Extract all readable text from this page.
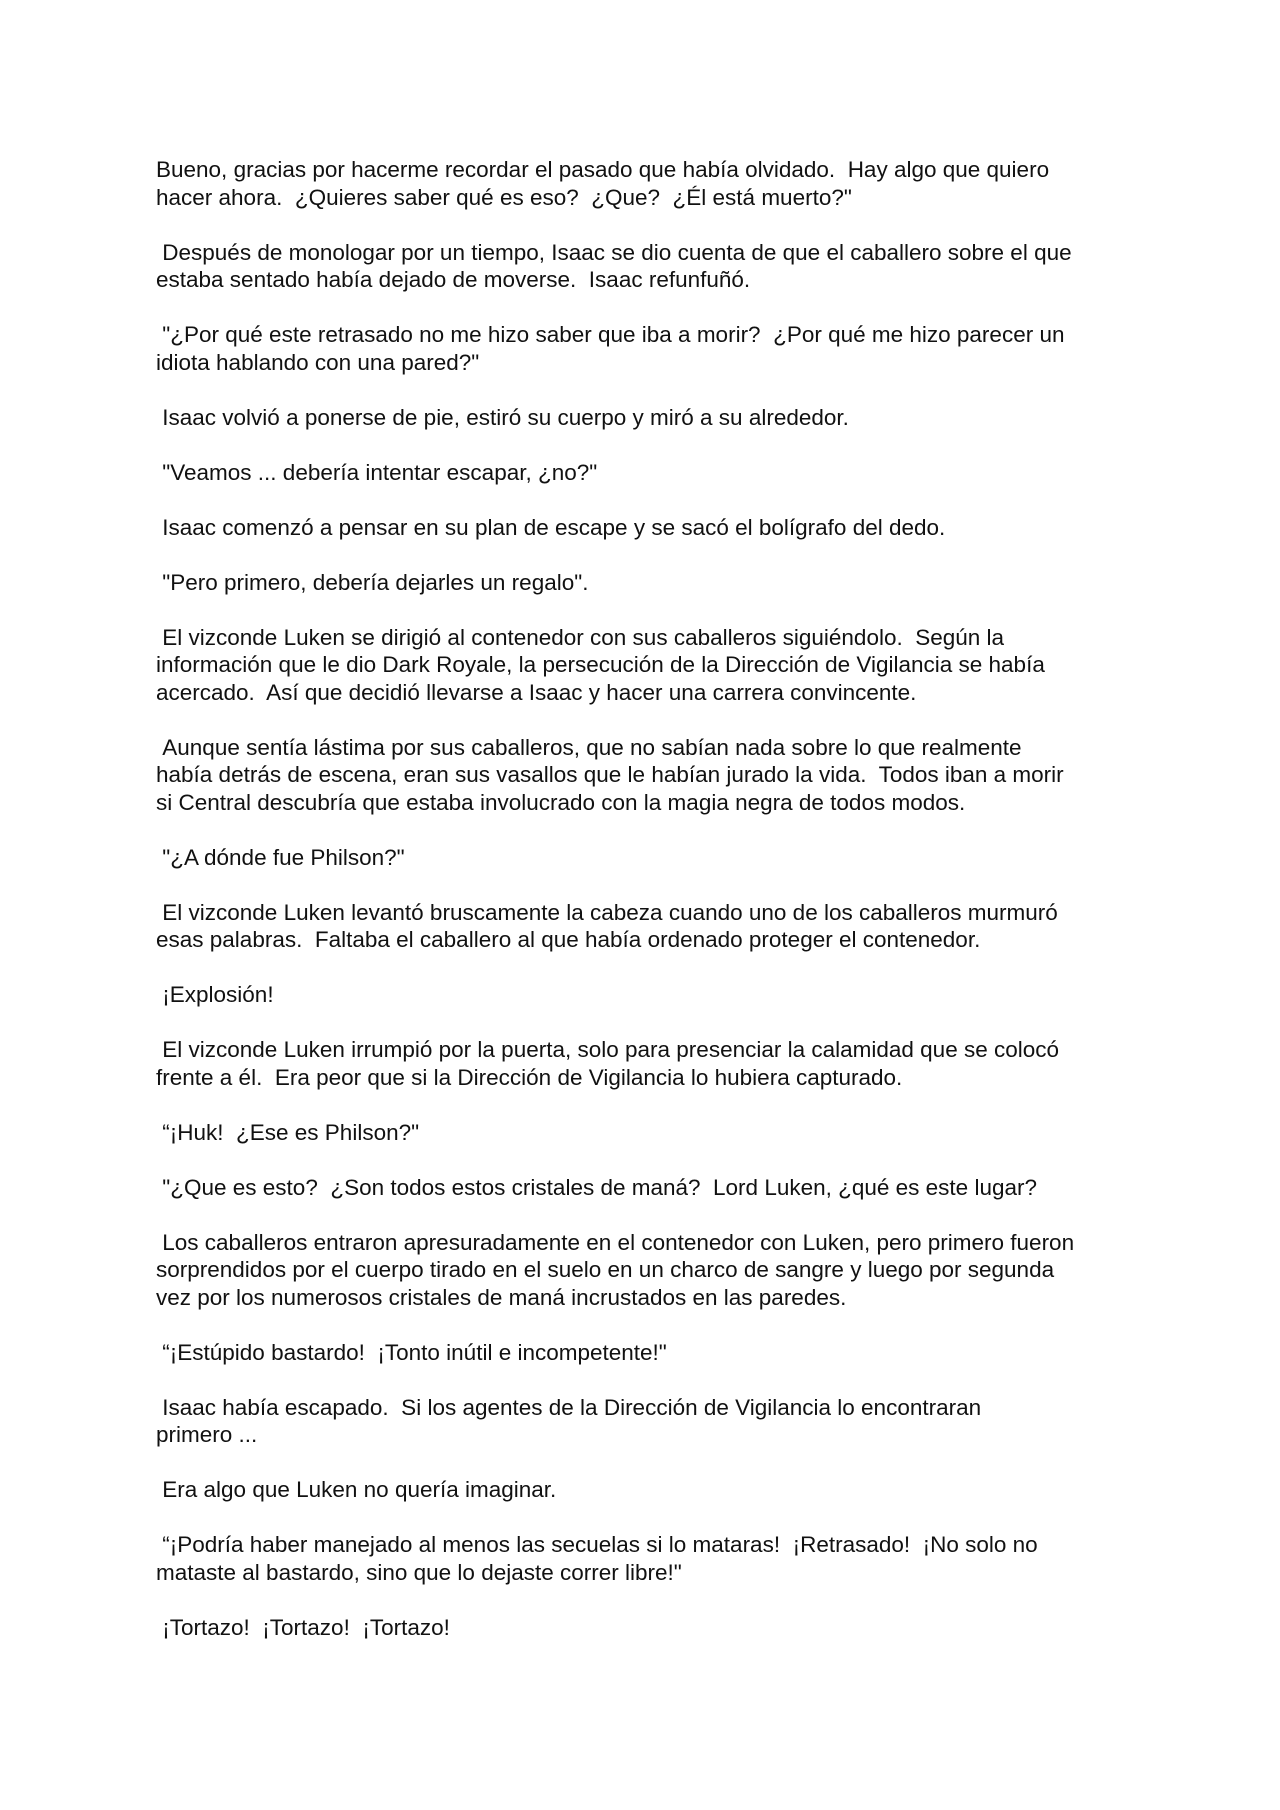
Bueno, gracias por hacerme recordar el pasado que había olvidado.  Hay algo que quiero
hacer ahora.  ¿Quieres saber qué es eso?  ¿Que?  ¿Él está muerto?"

Después de monologar por un tiempo, Isaac se dio cuenta de que el caballero sobre el que
estaba sentado había dejado de moverse.  Isaac refunfuñó.

"¿Por qué este retrasado no me hizo saber que iba a morir?  ¿Por qué me hizo parecer un
idiota hablando con una pared?"

Isaac volvió a ponerse de pie, estiró su cuerpo y miró a su alrededor.

"Veamos ... debería intentar escapar, ¿no?"

Isaac comenzó a pensar en su plan de escape y se sacó el bolígrafo del dedo.

"Pero primero, debería dejarles un regalo".

El vizconde Luken se dirigió al contenedor con sus caballeros siguiéndolo.  Según la
información que le dio Dark Royale, la persecución de la Dirección de Vigilancia se había
acercado.  Así que decidió llevarse a Isaac y hacer una carrera convincente.

Aunque sentía lástima por sus caballeros, que no sabían nada sobre lo que realmente
había detrás de escena, eran sus vasallos que le habían jurado la vida.  Todos iban a morir
si Central descubría que estaba involucrado con la magia negra de todos modos.

"¿A dónde fue Philson?"

El vizconde Luken levantó bruscamente la cabeza cuando uno de los caballeros murmuró
esas palabras.  Faltaba el caballero al que había ordenado proteger el contenedor.

¡Explosión!

El vizconde Luken irrumpió por la puerta, solo para presenciar la calamidad que se colocó
frente a él.  Era peor que si la Dirección de Vigilancia lo hubiera capturado.

“¡Huk!  ¿Ese es Philson?"

"¿Que es esto?  ¿Son todos estos cristales de maná?  Lord Luken, ¿qué es este lugar?

Los caballeros entraron apresuradamente en el contenedor con Luken, pero primero fueron
sorprendidos por el cuerpo tirado en el suelo en un charco de sangre y luego por segunda
vez por los numerosos cristales de maná incrustados en las paredes.

“¡Estúpido bastardo!  ¡Tonto inútil e incompetente!"

Isaac había escapado.  Si los agentes de la Dirección de Vigilancia lo encontraran
primero ...

Era algo que Luken no quería imaginar.

“¡Podría haber manejado al menos las secuelas si lo mataras!  ¡Retrasado!  ¡No solo no
mataste al bastardo, sino que lo dejaste correr libre!"

¡Tortazo!  ¡Tortazo!  ¡Tortazo!
